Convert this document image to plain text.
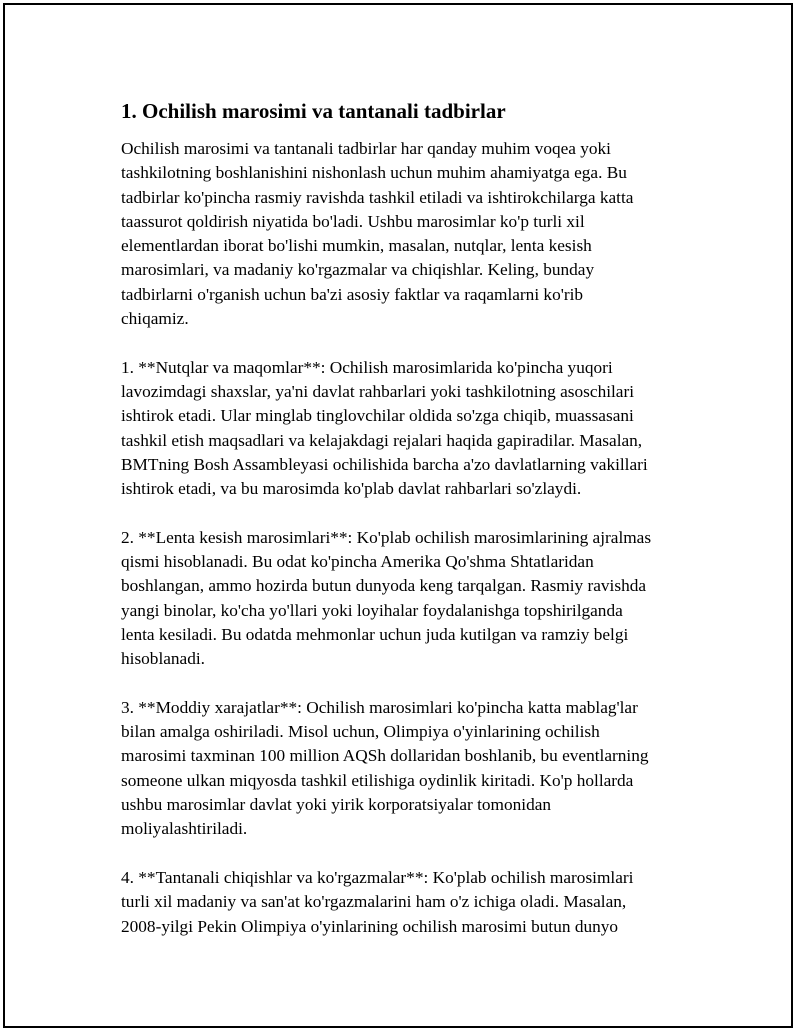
1. Ochilish marosimi va tantanali tadbirlar
Ochilish marosimi va tantanali tadbirlar har qanday muhim voqea yoki
tashkilotning boshlanishini nishonlash uchun muhim ahamiyatga ega. Bu
tadbirlar ko'pincha rasmiy ravishda tashkil etiladi va ishtirokchilarga katta
taassurot qoldirish niyatida bo'ladi. Ushbu marosimlar ko'p turli xil
elementlardan iborat bo'lishi mumkin, masalan, nutqlar, lenta kesish
marosimlari, va madaniy ko'rgazmalar va chiqishlar. Keling, bunday
tadbirlarni o'rganish uchun ba'zi asosiy faktlar va raqamlarni ko'rib
chiqamiz.
1. **Nutqlar va maqomlar**: Ochilish marosimlarida ko'pincha yuqori
lavozimdagi shaxslar, ya'ni davlat rahbarlari yoki tashkilotning asoschilari
ishtirok etadi. Ular minglab tinglovchilar oldida so'zga chiqib, muassasani
tashkil etish maqsadlari va kelajakdagi rejalari haqida gapiradilar. Masalan,
BMTning Bosh Assambleyasi ochilishida barcha a'zo davlatlarning vakillari
ishtirok etadi, va bu marosimda ko'plab davlat rahbarlari so'zlaydi.
2. **Lenta kesish marosimlari**: Ko'plab ochilish marosimlarining ajralmas
qismi hisoblanadi. Bu odat ko'pincha Amerika Qo'shma Shtatlaridan
boshlangan, ammo hozirda butun dunyoda keng tarqalgan. Rasmiy ravishda
yangi binolar, ko'cha yo'llari yoki loyihalar foydalanishga topshirilganda
lenta kesiladi. Bu odatda mehmonlar uchun juda kutilgan va ramziy belgi
hisoblanadi.
3. **Moddiy xarajatlar**: Ochilish marosimlari ko'pincha katta mablag'lar
bilan amalga oshiriladi. Misol uchun, Olimpiya o'yinlarining ochilish
marosimi taxminan 100 million AQSh dollaridan boshlanib, bu eventlarning
someone ulkan miqyosda tashkil etilishiga oydinlik kiritadi. Ko'p hollarda
ushbu marosimlar davlat yoki yirik korporatsiyalar tomonidan
moliyalashtiriladi.
4. **Tantanali chiqishlar va ko'rgazmalar**: Ko'plab ochilish marosimlari
turli xil madaniy va san'at ko'rgazmalarini ham o'z ichiga oladi. Masalan,
2008-yilgi Pekin Olimpiya o'yinlarining ochilish marosimi butun dunyo
